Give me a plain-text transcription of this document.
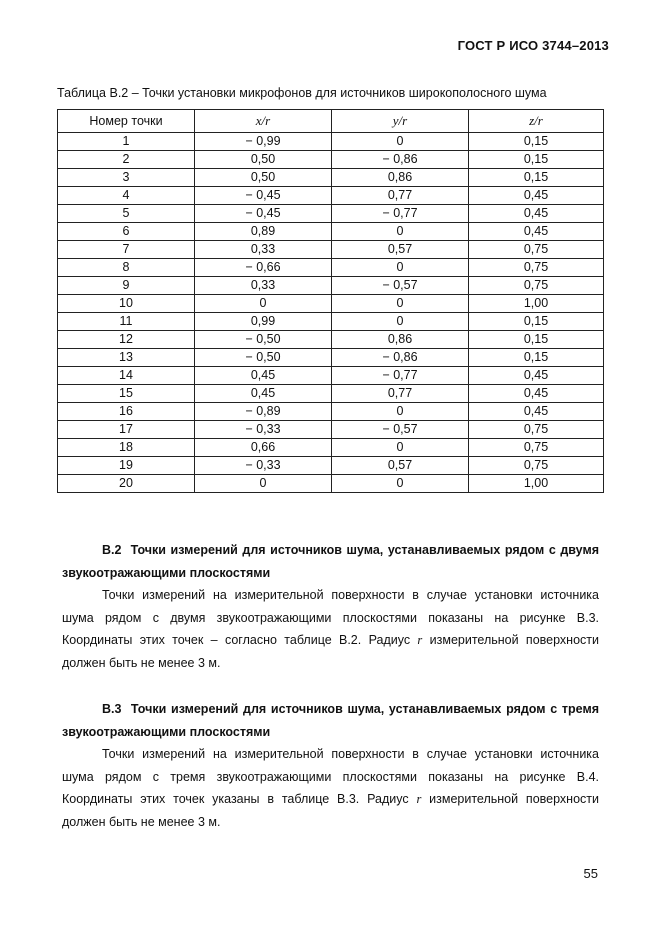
ГОСТ Р ИСО 3744–2013
Таблица В.2 – Точки установки микрофонов для источников широкополосного шума
Номер точки	x/r	y/r	z/r
1	− 0,99	0	0,15
2	0,50	− 0,86	0,15
3	0,50	0,86	0,15
4	− 0,45	0,77	0,45
5	− 0,45	− 0,77	0,45
6	0,89	0	0,45
7	0,33	0,57	0,75
8	− 0,66	0	0,75
9	0,33	− 0,57	0,75
10	0	0	1,00
11	0,99	0	0,15
12	− 0,50	0,86	0,15
13	− 0,50	− 0,86	0,15
14	0,45	− 0,77	0,45
15	0,45	0,77	0,45
16	− 0,89	0	0,45
17	− 0,33	− 0,57	0,75
18	0,66	0	0,75
19	− 0,33	0,57	0,75
20	0	0	1,00
В.2 Точки измерений для источников шума, устанавливаемых рядом с двумя звукоотражающими плоскостями
Точки измерений на измерительной поверхности в случае установки источника шума рядом с двумя звукоотражающими плоскостями показаны на рисунке В.3. Координаты этих точек – согласно таблице В.2. Радиус r измерительной поверхности должен быть не менее 3 м.
В.3 Точки измерений для источников шума, устанавливаемых рядом с тремя звукоотражающими плоскостями
Точки измерений на измерительной поверхности в случае установки источника шума рядом с тремя звукоотражающими плоскостями показаны на рисунке В.4. Координаты этих точек указаны в таблице В.3. Радиус r измерительной поверхности должен быть не менее 3 м.
55
